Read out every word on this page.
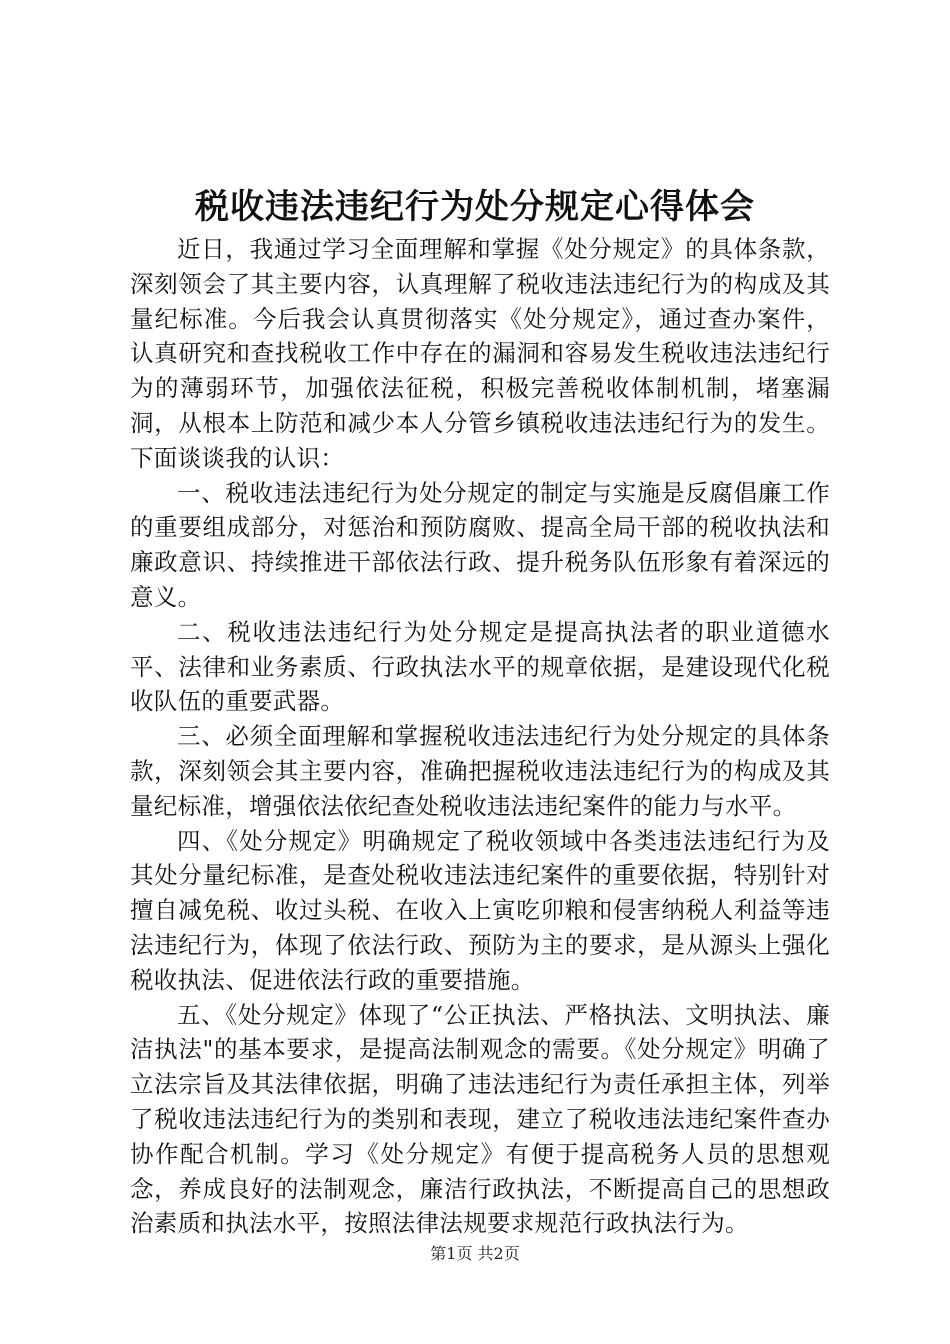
税收违法违纪行为处分规定心得体会

近日，我通过学习全面理解和掌握《处分规定》的具体条款，深刻领会了其主要内容，认真理解了税收违法违纪行为的构成及其量纪标准。今后我会认真贯彻落实《处分规定》，通过查办案件，认真研究和查找税收工作中存在的漏洞和容易发生税收违法违纪行为的薄弱环节，加强依法征税，积极完善税收体制机制，堵塞漏洞，从根本上防范和减少本人分管乡镇税收违法违纪行为的发生。下面谈谈我的认识：

一、税收违法违纪行为处分规定的制定与实施是反腐倡廉工作的重要组成部分，对惩治和预防腐败、提高全局干部的税收执法和廉政意识、持续推进干部依法行政、提升税务队伍形象有着深远的意义。

二、税收违法违纪行为处分规定是提高执法者的职业道德水平、法律和业务素质、行政执法水平的规章依据，是建设现代化税收队伍的重要武器。

三、必须全面理解和掌握税收违法违纪行为处分规定的具体条款，深刻领会其主要内容，准确把握税收违法违纪行为的构成及其量纪标准，增强依法依纪查处税收违法违纪案件的能力与水平。

四、《处分规定》明确规定了税收领域中各类违法违纪行为及其处分量纪标准，是查处税收违法违纪案件的重要依据，特别针对擅自减免税、收过头税、在收入上寅吃卯粮和侵害纳税人利益等违法违纪行为，体现了依法行政、预防为主的要求，是从源头上强化税收执法、促进依法行政的重要措施。

五、《处分规定》体现了“公正执法、严格执法、文明执法、廉洁执法"的基本要求，是提高法制观念的需要。《处分规定》明确了立法宗旨及其法律依据，明确了违法违纪行为责任承担主体，列举了税收违法违纪行为的类别和表现，建立了税收违法违纪案件查办协作配合机制。学习《处分规定》有便于提高税务人员的思想观念，养成良好的法制观念，廉洁行政执法，不断提高自己的思想政治素质和执法水平，按照法律法规要求规范行政执法行为。

第1页 共2页
